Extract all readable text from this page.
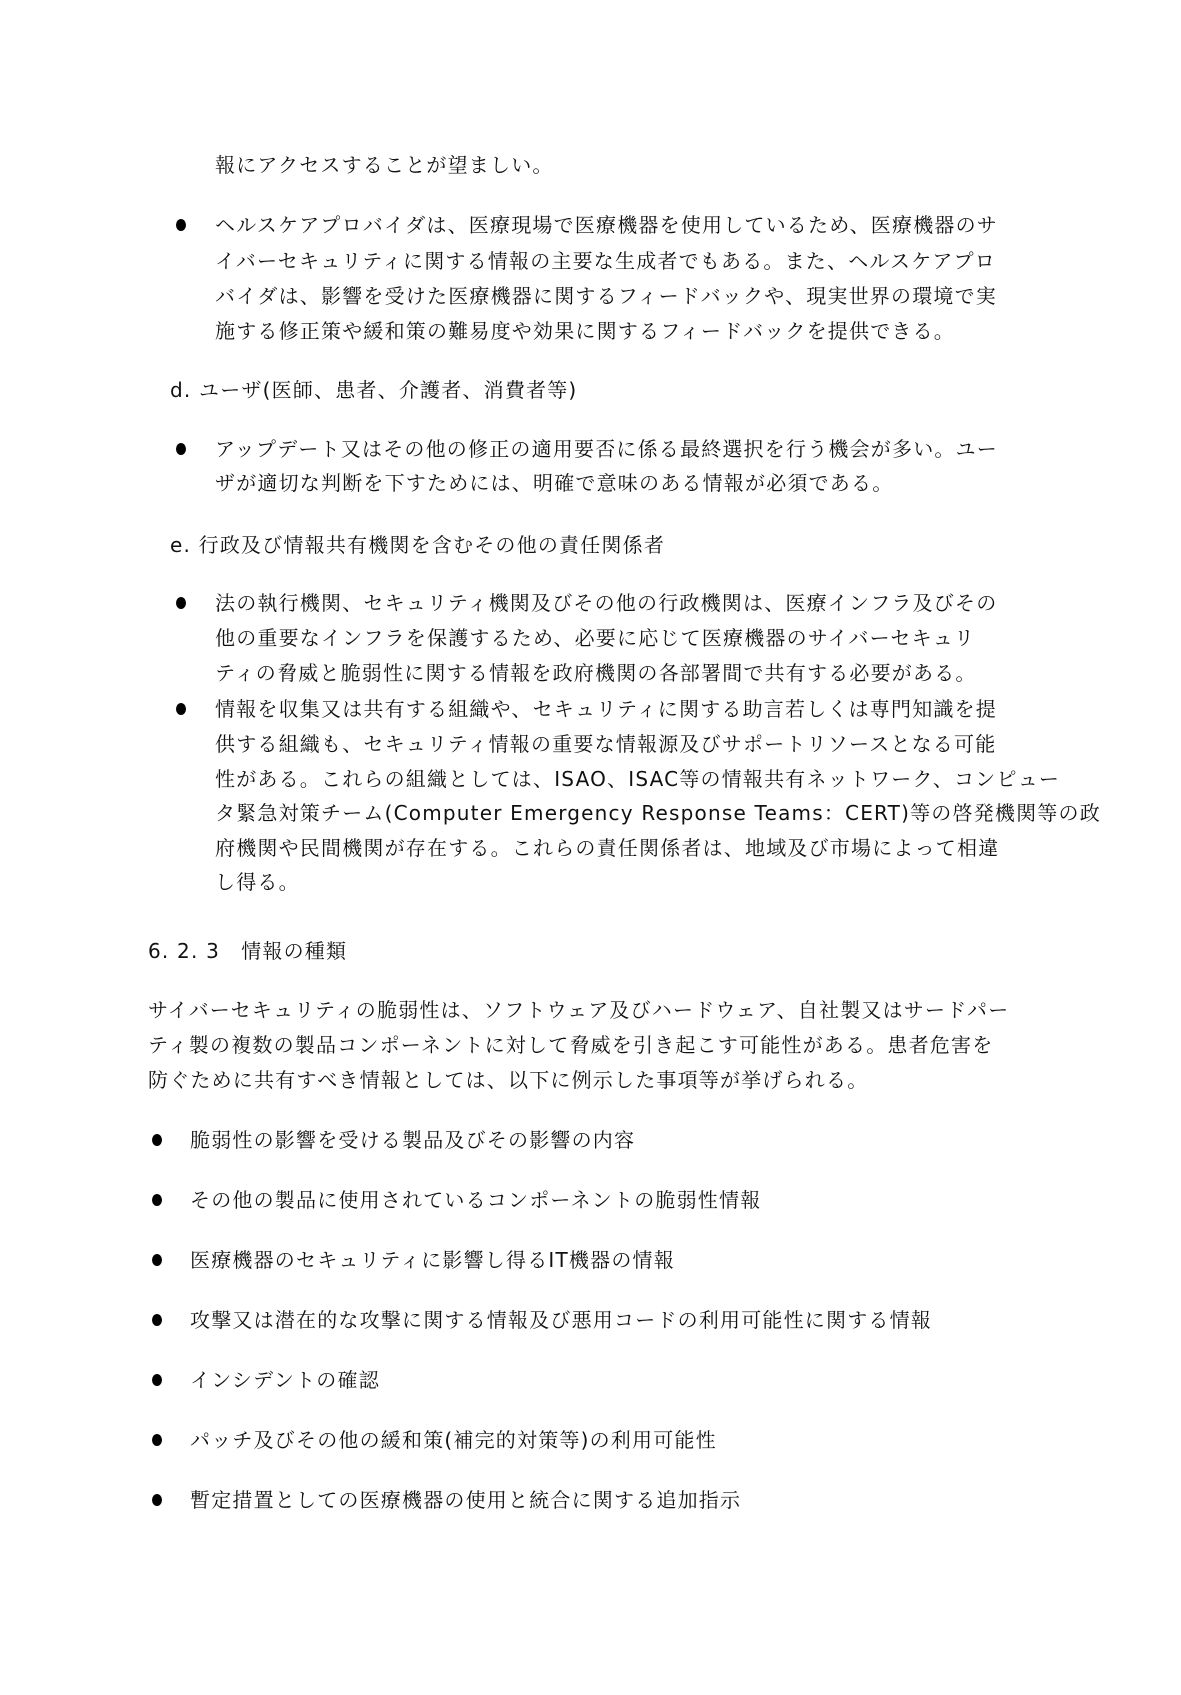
報にアクセスすることが望ましい。
ヘルスケアプロバイダは、医療現場で医療機器を使用しているため、医療機器のサ
イバーセキュリティに関する情報の主要な生成者でもある。また、ヘルスケアプロ
バイダは、影響を受けた医療機器に関するフィードバックや、現実世界の環境で実
施する修正策や緩和策の難易度や効果に関するフィードバックを提供できる。
d. ユーザ(医師、患者、介護者、消費者等)
アップデート又はその他の修正の適用要否に係る最終選択を行う機会が多い。ユー
ザが適切な判断を下すためには、明確で意味のある情報が必須である。
e. 行政及び情報共有機関を含むその他の責任関係者
法の執行機関、セキュリティ機関及びその他の行政機関は、医療インフラ及びその
他の重要なインフラを保護するため、必要に応じて医療機器のサイバーセキュリ
ティの脅威と脆弱性に関する情報を政府機関の各部署間で共有する必要がある。
情報を収集又は共有する組織や、セキュリティに関する助言若しくは専門知識を提
供する組織も、セキュリティ情報の重要な情報源及びサポートリソースとなる可能
性がある。これらの組織としては、ISAO、ISAC等の情報共有ネットワーク、コンピュー
タ緊急対策チーム(Computer Emergency Response Teams：CERT)等の啓発機関等の政
府機関や民間機関が存在する。これらの責任関係者は、地域及び市場によって相違
し得る。
6. 2. 3　情報の種類
サイバーセキュリティの脆弱性は、ソフトウェア及びハードウェア、自社製又はサードパー
ティ製の複数の製品コンポーネントに対して脅威を引き起こす可能性がある。患者危害を
防ぐために共有すべき情報としては、以下に例示した事項等が挙げられる。
脆弱性の影響を受ける製品及びその影響の内容
その他の製品に使用されているコンポーネントの脆弱性情報
医療機器のセキュリティに影響し得るIT機器の情報
攻撃又は潜在的な攻撃に関する情報及び悪用コードの利用可能性に関する情報
インシデントの確認
パッチ及びその他の緩和策(補完的対策等)の利用可能性
暫定措置としての医療機器の使用と統合に関する追加指示
